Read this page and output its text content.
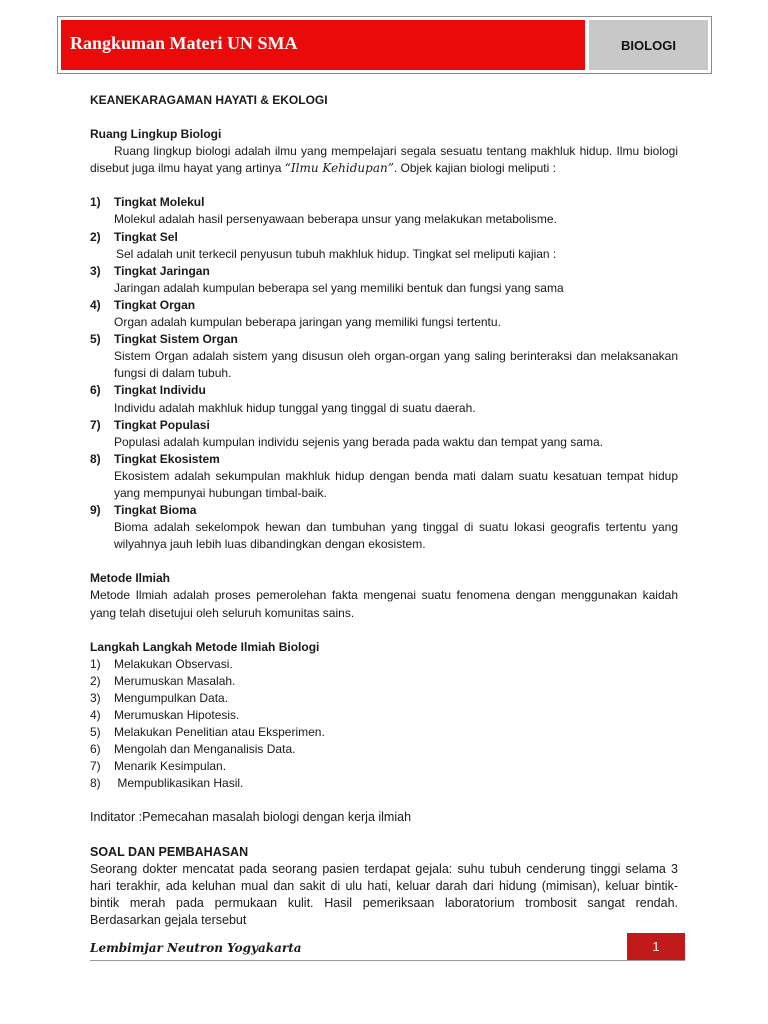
Rangkuman Materi UN SMA	BIOLOGI
KEANEKARAGAMAN HAYATI & EKOLOGI
Ruang Lingkup Biologi
Ruang lingkup biologi adalah ilmu yang mempelajari segala sesuatu tentang makhluk hidup. Ilmu biologi disebut juga ilmu hayat yang artinya “Ilmu Kehidupan”. Objek kajian biologi meliputi :
1)	Tingkat Molekul
Molekul adalah hasil persenyawaan beberapa unsur yang melakukan metabolisme.
2)	Tingkat Sel
Sel adalah unit terkecil penyusun tubuh makhluk hidup. Tingkat sel meliputi kajian :
3)	Tingkat Jaringan
Jaringan adalah kumpulan beberapa sel yang memiliki bentuk dan fungsi yang sama
4)	Tingkat Organ
Organ adalah kumpulan beberapa jaringan yang memiliki fungsi tertentu.
5)	Tingkat Sistem Organ
Sistem Organ adalah sistem yang disusun oleh organ-organ yang saling berinteraksi dan melaksanakan fungsi di dalam tubuh.
6)	Tingkat Individu
Individu adalah makhluk hidup tunggal yang tinggal di suatu daerah.
7)	Tingkat Populasi
Populasi adalah kumpulan individu sejenis yang berada pada waktu dan tempat yang sama.
8)	Tingkat Ekosistem
Ekosistem adalah sekumpulan makhluk hidup dengan benda mati dalam suatu kesatuan tempat hidup yang mempunyai hubungan timbal-baik.
9)	Tingkat Bioma
Bioma adalah sekelompok hewan dan tumbuhan yang tinggal di suatu lokasi geografis tertentu yang wilyahnya jauh lebih luas dibandingkan dengan ekosistem.
Metode Ilmiah
Metode Ilmiah adalah proses pemerolehan fakta mengenai suatu fenomena dengan menggunakan kaidah yang telah disetujui oleh seluruh komunitas sains.
Langkah Langkah Metode Ilmiah Biologi
1)	Melakukan Observasi.
2)	Merumuskan Masalah.
3)	Mengumpulkan Data.
4)	Merumuskan Hipotesis.
5)	Melakukan Penelitian atau Eksperimen.
6)	Mengolah dan Menganalisis Data.
7)	Menarik Kesimpulan.
8)	Mempublikasikan Hasil.
Inditator :Pemecahan masalah biologi dengan kerja ilmiah
SOAL DAN PEMBAHASAN
Seorang dokter mencatat pada seorang pasien terdapat gejala: suhu tubuh cenderung tinggi selama 3 hari terakhir, ada keluhan mual dan sakit di ulu hati, keluar darah dari hidung (mimisan), keluar bintik-bintik merah pada permukaan kulit. Hasil pemeriksaan laboratorium trombosit sangat rendah. Berdasarkan gejala tersebut
Lembimjar Neutron Yogyakarta	1
